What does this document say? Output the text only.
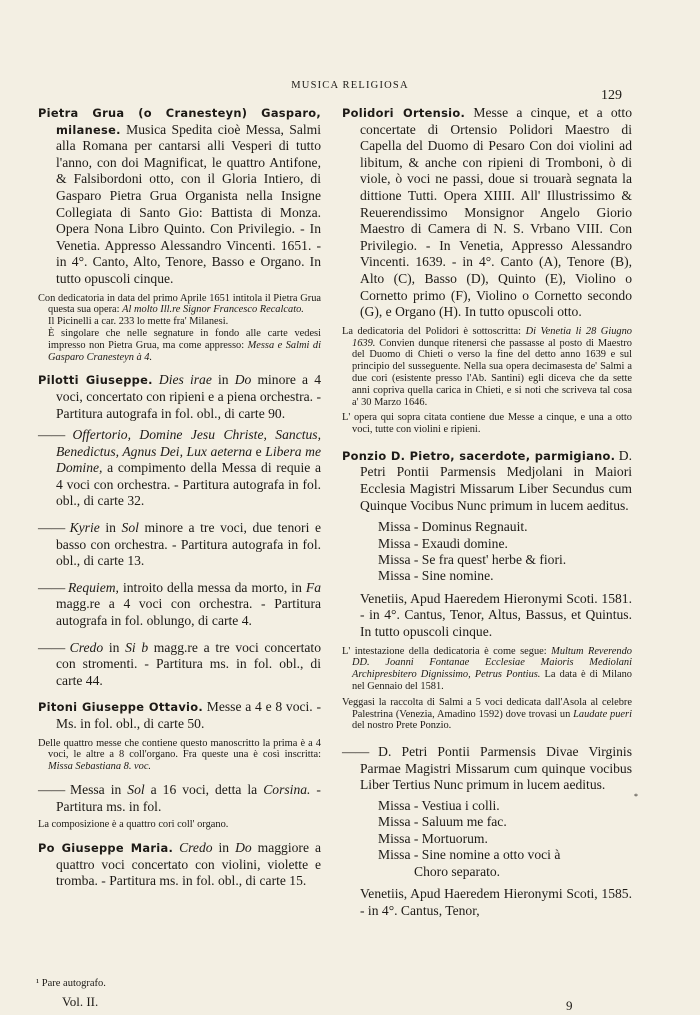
MUSICA RELIGIOSA
129

Pietra Grua (o Cranesteyn) Gasparo, milanese. Musica Spedita cioè Messa, Salmi alla Romana per cantarsi alli Vesperi di tutto l'anno, con doi Magnificat, le quattro Antifone, & Falsibordoni otto, con il Gloria Intiero, di Gasparo Pietra Grua Organista nella Insigne Collegiata di Santo Gio: Battista di Monza. Opera Nona Libro Quinto. Con Privilegio. - In Venetia. Appresso Alessandro Vincenti. 1651. - in 4°. Canto, Alto, Tenore, Basso e Organo. In tutto opuscoli cinque.

Con dedicatoria in data del primo Aprile 1651 intitola il Pietra Grua questa sua opera: Al molto Ill.re Signor Francesco Recalcato.
Il Picinelli a car. 233 lo mette fra' Milanesi.
È singolare che nelle segnature in fondo alle carte vedesi impresso non Pietra Grua, ma come appresso: Messa e Salmi di Gasparo Cranesteyn à 4.

Pilotti Giuseppe. Dies irae in Do minore a 4 voci, concertato con ripieni e a piena orchestra. - Partitura autografa in fol. obl., di carte 90.

—— Offertorio, Domine Jesu Christe, Sanctus, Benedictus, Agnus Dei, Lux aeterna e Libera me Domine, a compimento della Messa di requie a 4 voci con orchestra. - Partitura autografa in fol. obl., di carte 32.

—— Kyrie in Sol minore a tre voci, due tenori e basso con orchestra. - Partitura autografa in fol. obl., di carte 13.

—— Requiem, introito della messa da morto, in Fa magg.re a 4 voci con orchestra. - Partitura autografa in fol. oblungo, di carte 4.

—— Credo in Si b magg.re a tre voci concertato con stromenti. - Partitura ms. in fol. obl., di carte 44.

Pitoni Giuseppe Ottavio. Messe a 4 e 8 voci. - Ms. in fol. obl., di carte 50.

Delle quattro messe che contiene questo manoscritto la prima è a 4 voci, le altre a 8 coll'organo. Fra queste una è così inscritta: Missa Sebastiana 8. voc.

—— Messa in Sol a 16 voci, detta la Corsina. - Partitura ms. in fol.

La composizione è a quattro cori coll' organo.

Po Giuseppe Maria. Credo in Do maggiore a quattro voci concertato con violini, violette e tromba. - Partitura ms. in fol. obl., di carte 15.

Polidori Ortensio. Messe a cinque, et a otto concertate di Ortensio Polidori Maestro di Capella del Duomo di Pesaro Con doi violini ad libitum, & anche con ripieni di Tromboni, ò di viole, ò voci ne passi, doue si trouarà segnata la dittione Tutti. Opera XIIII. All' Illustrissimo & Reuerendissimo Monsignor Angelo Giorio Maestro di Camera di N. S. Vrbano VIII. Con Privilegio. - In Venetia, Appresso Alessandro Vincenti. 1639. - in 4°. Canto (A), Tenore (B), Alto (C), Basso (D), Quinto (E), Violino o Cornetto primo (F), Violino o Cornetto secondo (G), e Organo (H). In tutto opuscoli otto.

La dedicatoria del Polidori è sottoscritta: Di Venetia li 28 Giugno 1639. Convien dunque ritenersi che passasse al posto di Maestro del Duomo di Chieti o verso la fine del detto anno 1639 e sul principio del susseguente. Nella sua opera decimasesta de' Salmi a due cori (esistente presso l'Ab. Santini) egli diceva che da sette anni copriva quella carica in Chieti, e si noti che scriveva tal cosa a' 30 Marzo 1646.

L' opera qui sopra citata contiene due Messe a cinque, e una a otto voci, tutte con violini e ripieni.

Ponzio D. Pietro, sacerdote, parmigiano. D. Petri Pontii Parmensis Medjolani in Maiori Ecclesia Magistri Missarum Liber Secundus cum Quinque Vocibus Nunc primum in lucem aeditus.

Missa - Dominus Regnauit.
Missa - Exaudi domine.
Missa - Se fra quest' herbe & fiori.
Missa - Sine nomine.

Venetiis, Apud Haeredem Hieronymi Scoti. 1581. - in 4°. Cantus, Tenor, Altus, Bassus, et Quintus. In tutto opuscoli cinque.

L' intestazione della dedicatoria è come segue: Multum Reverendo DD. Joanni Fontanae Ecclesiae Maioris Mediolani Archipresbitero Dignissimo, Petrus Pontius. La data è di Milano nel Gennaio del 1581.

Veggasi la raccolta di Salmi a 5 voci dedicata dall'Asola al celebre Palestrina (Venezia, Amadino 1592) dove trovasi un Laudate pueri del nostro Prete Ponzio.

—— D. Petri Pontii Parmensis Divae Virginis Parmae Magistri Missarum cum quinque vocibus Liber Tertius Nunc primum in lucem aeditus.

Missa - Vestiua i colli.
Missa - Saluum me fac.
Missa - Mortuorum.
Missa - Sine nomine a otto voci à
Choro separato.

Venetiis, Apud Haeredem Hieronymi Scoti, 1585. - in 4°. Cantus, Tenor,

*
¹ Pare autografo.
Vol. II.	9
